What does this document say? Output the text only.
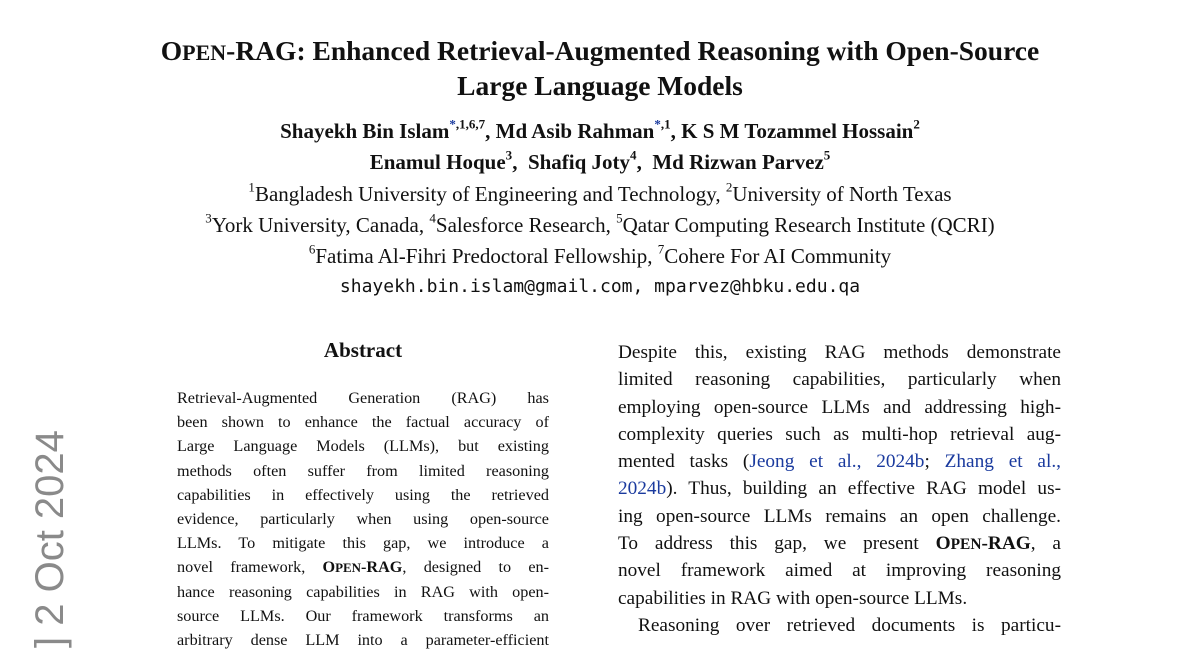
OPEN-RAG: Enhanced Retrieval-Augmented Reasoning with Open-Source
Large Language Models
Shayekh Bin Islam$^{*,1,6,7}$, Md Asib Rahman$^{*,1}$, K S M Tozammel Hossain$^2$
Enamul Hoque$^3$,  Shafiq Joty$^4$,  Md Rizwan Parvez$^5$
$^1$Bangladesh University of Engineering and Technology, $^2$University of North Texas
$^3$York University, Canada, $^4$Salesforce Research, $^5$Qatar Computing Research Institute (QCRI)
$^6$Fatima Al-Fihri Predoctoral Fellowship, $^7$Cohere For AI Community
shayekh.bin.islam@gmail.com, mparvez@hbku.edu.qa
Abstract
Retrieval-Augmented Generation (RAG) has
been shown to enhance the factual accuracy of
Large Language Models (LLMs), but existing
methods often suffer from limited reasoning
capabilities in effectively using the retrieved
evidence, particularly when using open-source
LLMs. To mitigate this gap, we introduce a
novel framework, OPEN-RAG, designed to en-
hance reasoning capabilities in RAG with open-
source LLMs. Our framework transforms an
arbitrary dense LLM into a parameter-efficient
Despite this, existing RAG methods demonstrate
limited reasoning capabilities, particularly when
employing open-source LLMs and addressing high-
complexity queries such as multi-hop retrieval aug-
mented tasks (Jeong et al., 2024b; Zhang et al.,
2024b). Thus, building an effective RAG model us-
ing open-source LLMs remains an open challenge.
To address this gap, we present OPEN-RAG, a
novel framework aimed at improving reasoning
capabilities in RAG with open-source LLMs.
Reasoning over retrieved documents is particu-
] 2 Oct 2024
